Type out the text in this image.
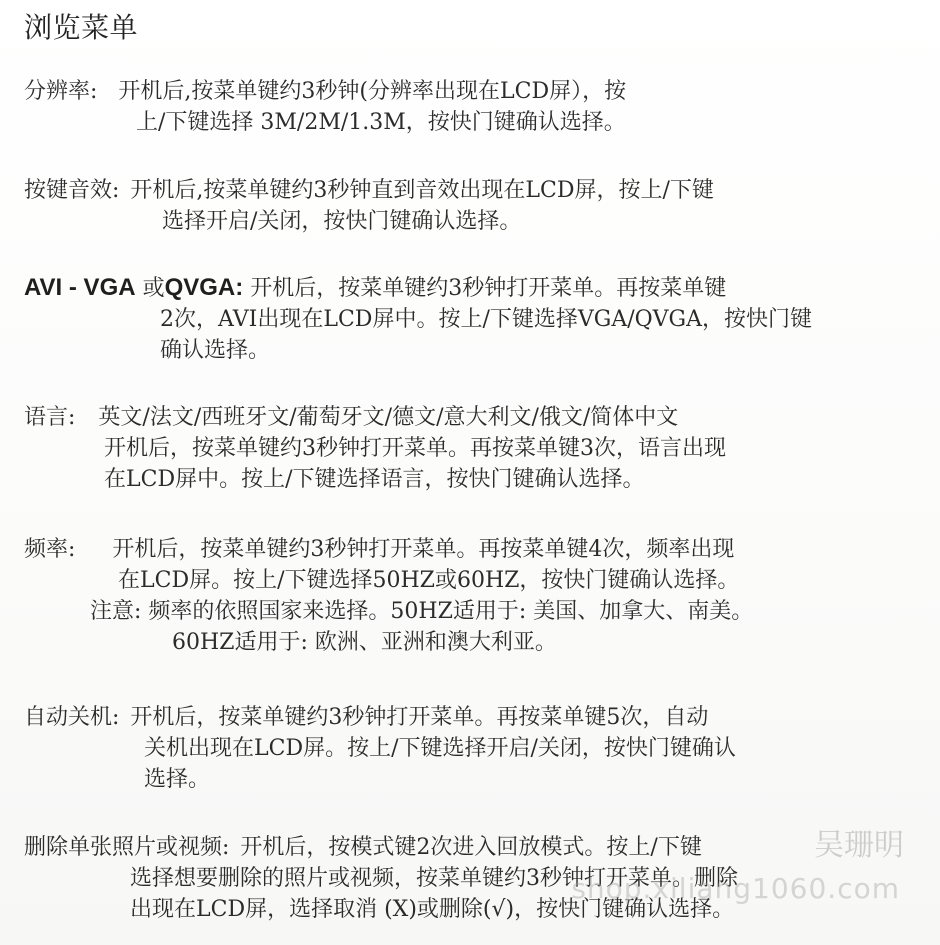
浏览菜单
分辨率: 开机后,按菜单键约3秒钟(分辨率出现在LCD屏），按
上/下键选择 3M/2M/1.3M，按快门键确认选择。
按键音效: 开机后,按菜单键约3秒钟直到音效出现在LCD屏，按上/下键
选择开启/关闭，按快门键确认选择。
AVI - VGA 或QVGA: 开机后，按菜单键约3秒钟打开菜单。再按菜单键
2次，AVI出现在LCD屏中。按上/下键选择VGA/QVGA，按快门键
确认选择。
语言: 英文/法文/西班牙文/葡萄牙文/德文/意大利文/俄文/简体中文
开机后，按菜单键约3秒钟打开菜单。再按菜单键3次，语言出现
在LCD屏中。按上/下键选择语言，按快门键确认选择。
频率: 开机后，按菜单键约3秒钟打开菜单。再按菜单键4次，频率出现
在LCD屏。按上/下键选择50HZ或60HZ，按快门键确认选择。
注意: 频率的依照国家来选择。50HZ适用于: 美国、加拿大、南美。
60HZ适用于: 欧洲、亚洲和澳大利亚。
自动关机: 开机后，按菜单键约3秒钟打开菜单。再按菜单键5次，自动
关机出现在LCD屏。按上/下键选择开启/关闭，按快门键确认
选择。
删除单张照片或视频: 开机后，按模式键2次进入回放模式。按上/下键
选择想要删除的照片或视频，按菜单键约3秒钟打开菜单。删除
出现在LCD屏，选择取消 (X)或删除(√)，按快门键确认选择。
吴珊明
shop.xiliang1060.com
